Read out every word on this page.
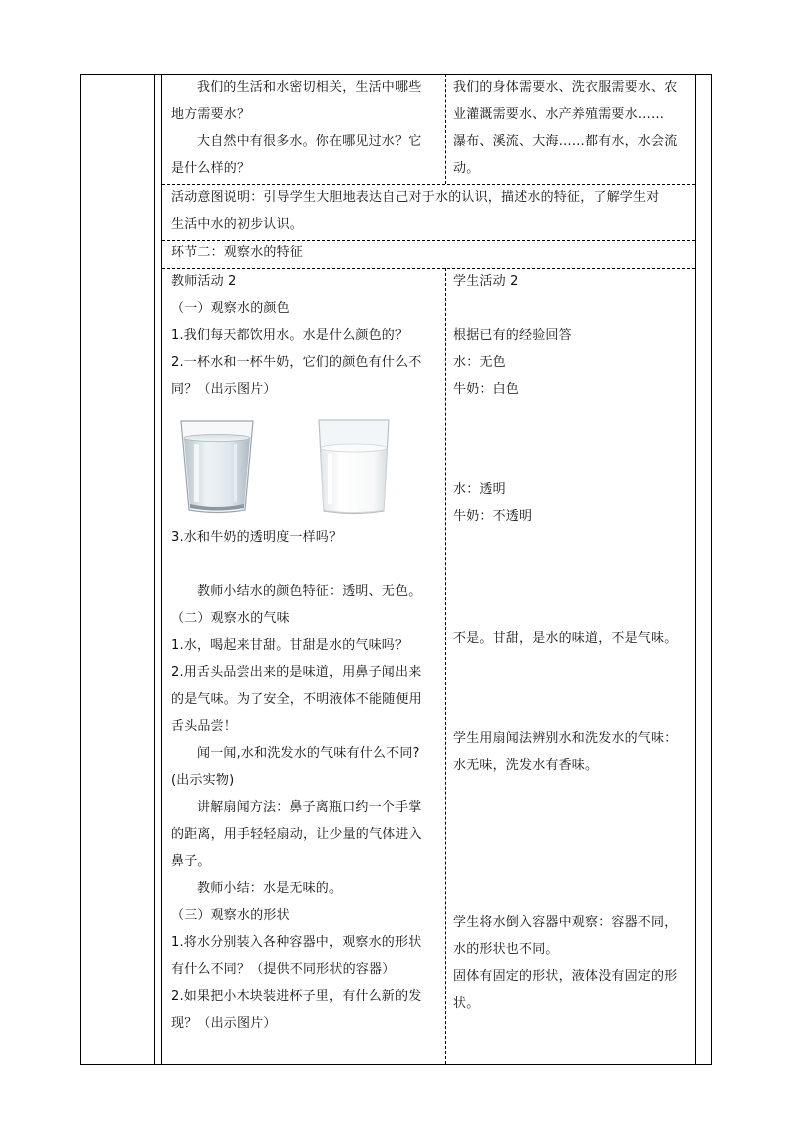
我们的生活和水密切相关，生活中哪些

地方需要水？

大自然中有很多水。你在哪见过水？它

是什么样的？

我们的身体需要水、洗衣服需要水、农

业灌溉需要水、水产养殖需要水……

瀑布、溪流、大海……都有水，水会流

动。

活动意图说明：引导学生大胆地表达自己对于水的认识，描述水的特征，了解学生对

生活中水的初步认识。

环节二：观察水的特征

教师活动 2

（一）观察水的颜色

1.我们每天都饮用水。水是什么颜色的？

2.一杯水和一杯牛奶，它们的颜色有什么不

同？（出示图片）

3.水和牛奶的透明度一样吗？

教师小结水的颜色特征：透明、无色。

（二）观察水的气味

1.水，喝起来甘甜。甘甜是水的气味吗？

2.用舌头品尝出来的是味道，用鼻子闻出来

的是气味。为了安全，不明液体不能随便用

舌头品尝！

闻一闻,水和洗发水的气味有什么不同?

(出示实物)

讲解扇闻方法：鼻子离瓶口约一个手掌

的距离，用手轻轻扇动，让少量的气体进入

鼻子。

教师小结：水是无味的。

（三）观察水的形状

1.将水分别装入各种容器中，观察水的形状

有什么不同？（提供不同形状的容器）

2.如果把小木块装进杯子里，有什么新的发

现？（出示图片）

学生活动 2

根据已有的经验回答

水：无色

牛奶：白色

水：透明

牛奶：不透明

不是。甘甜，是水的味道，不是气味。

学生用扇闻法辨别水和洗发水的气味：

水无味，洗发水有香味。

学生将水倒入容器中观察：容器不同，

水的形状也不同。

固体有固定的形状，液体没有固定的形

状。
